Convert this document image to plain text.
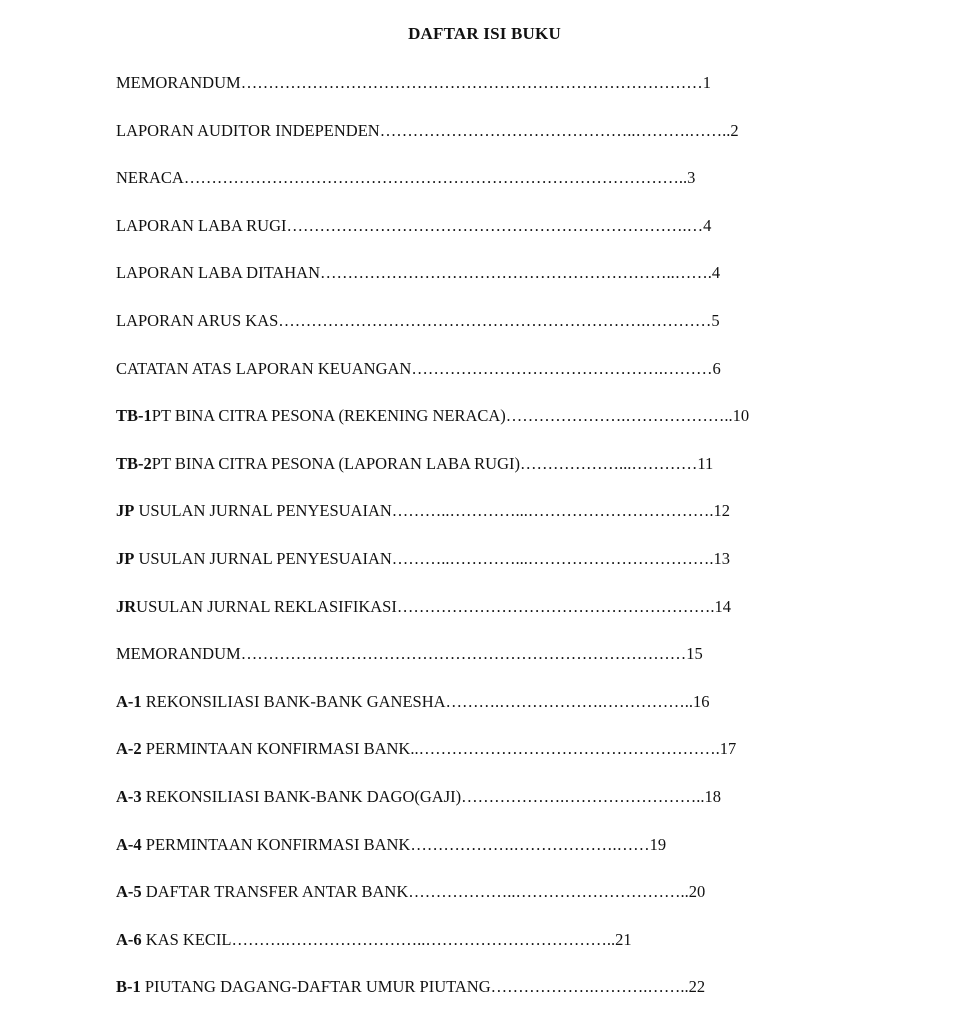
DAFTAR ISI BUKU
MEMORANDUM…………………………………………………………………………1
LAPORAN AUDITOR INDEPENDEN………………………………………..……….……..2
NERACA………………………………………………………………………………..3
LAPORAN LABA RUGI……………………………………………………………….…4
LAPORAN LABA DITAHAN………………………………………………………..…….4
LAPORAN ARUS KAS………………………………………………………….…………5
CATATAN ATAS LAPORAN KEUANGAN……………………………………….………6
TB-1PT BINA CITRA PESONA (REKENING NERACA)………………….………………..10
TB-2PT BINA CITRA PESONA (LAPORAN LABA RUGI)………………...…………11
JP USULAN JURNAL PENYESUAIAN………..…………...…………………………….12
JP USULAN JURNAL PENYESUAIAN………..…………...…………………………….13
JRUSULAN JURNAL REKLASIFIKASI………………………………………………….14
MEMORANDUM………………………………………………………………………15
A-1 REKONSILIASI BANK-BANK GANESHA……….……………….……………..16
A-2 PERMINTAAN KONFIRMASI BANK..……………………………………………….17
A-3 REKONSILIASI BANK-BANK DAGO(GAJI)……………….……………………..18
A-4 PERMINTAAN KONFIRMASI BANK……………….……………….……19
A-5 DAFTAR TRANSFER ANTAR BANK………………..…………………………..20
A-6 KAS KECIL……….……………………..……………………………..21
B-1 PIUTANG DAGANG-DAFTAR UMUR PIUTANG……………….……….……..22
